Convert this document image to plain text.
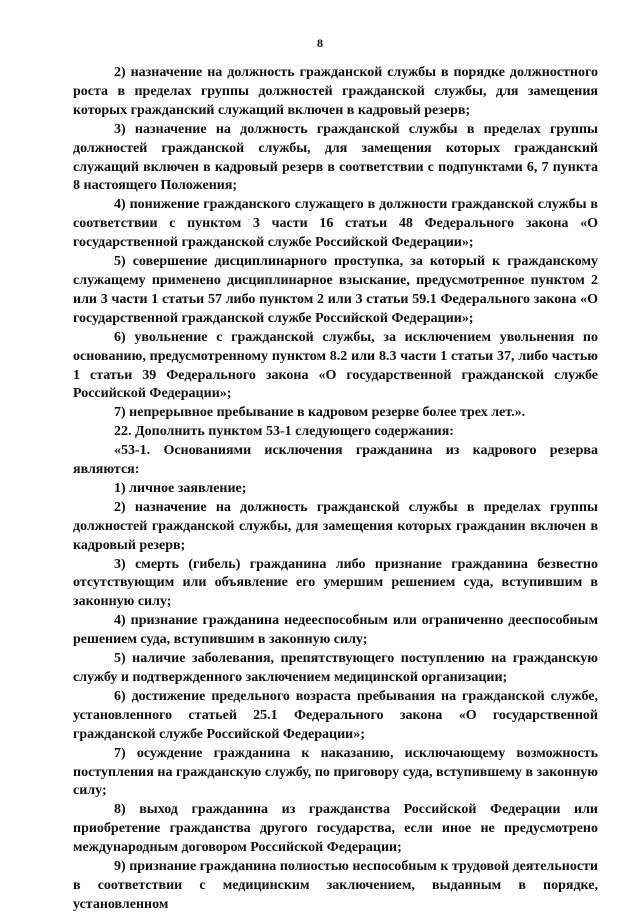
8

2) назначение на должность гражданской службы в порядке должностного роста в пределах группы должностей гражданской службы, для замещения которых гражданский служащий включен в кадровый резерв;

3) назначение на должность гражданской службы в пределах группы должностей гражданской службы, для замещения которых гражданский служащий включен в кадровый резерв в соответствии с подпунктами 6, 7 пункта 8 настоящего Положения;

4) понижение гражданского служащего в должности гражданской службы в соответствии с пунктом 3 части 16 статьи 48 Федерального закона «О государственной гражданской службе Российской Федерации»;

5) совершение дисциплинарного проступка, за который к гражданскому служащему применено дисциплинарное взыскание, предусмотренное пунктом 2 или 3 части 1 статьи 57 либо пунктом 2 или 3 статьи 59.1 Федерального закона «О государственной гражданской службе Российской Федерации»;

6) увольнение с гражданской службы, за исключением увольнения по основанию, предусмотренному пунктом 8.2 или 8.3 части 1 статьи 37, либо частью 1 статьи 39 Федерального закона «О государственной гражданской службе Российской Федерации»;

7) непрерывное пребывание в кадровом резерве более трех лет.».

22. Дополнить пунктом 53-1 следующего содержания:

«53-1. Основаниями исключения гражданина из кадрового резерва являются:

1) личное заявление;

2) назначение на должность гражданской службы в пределах группы должностей гражданской службы, для замещения которых гражданин включен в кадровый резерв;

3) смерть (гибель) гражданина либо признание гражданина безвестно отсутствующим или объявление его умершим решением суда, вступившим в законную силу;

4) признание гражданина недееспособным или ограниченно дееспособным решением суда, вступившим в законную силу;

5) наличие заболевания, препятствующего поступлению на гражданскую службу и подтвержденного заключением медицинской организации;

6) достижение предельного возраста пребывания на гражданской службе, установленного статьей 25.1 Федерального закона «О государственной гражданской службе Российской Федерации»;

7) осуждение гражданина к наказанию, исключающему возможность поступления на гражданскую службу, по приговору суда, вступившему в законную силу;

8) выход гражданина из гражданства Российской Федерации или приобретение гражданства другого государства, если иное не предусмотрено международным договором Российской Федерации;

9) признание гражданина полностью неспособным к трудовой деятельности в соответствии с медицинским заключением, выданным в порядке, установленном
